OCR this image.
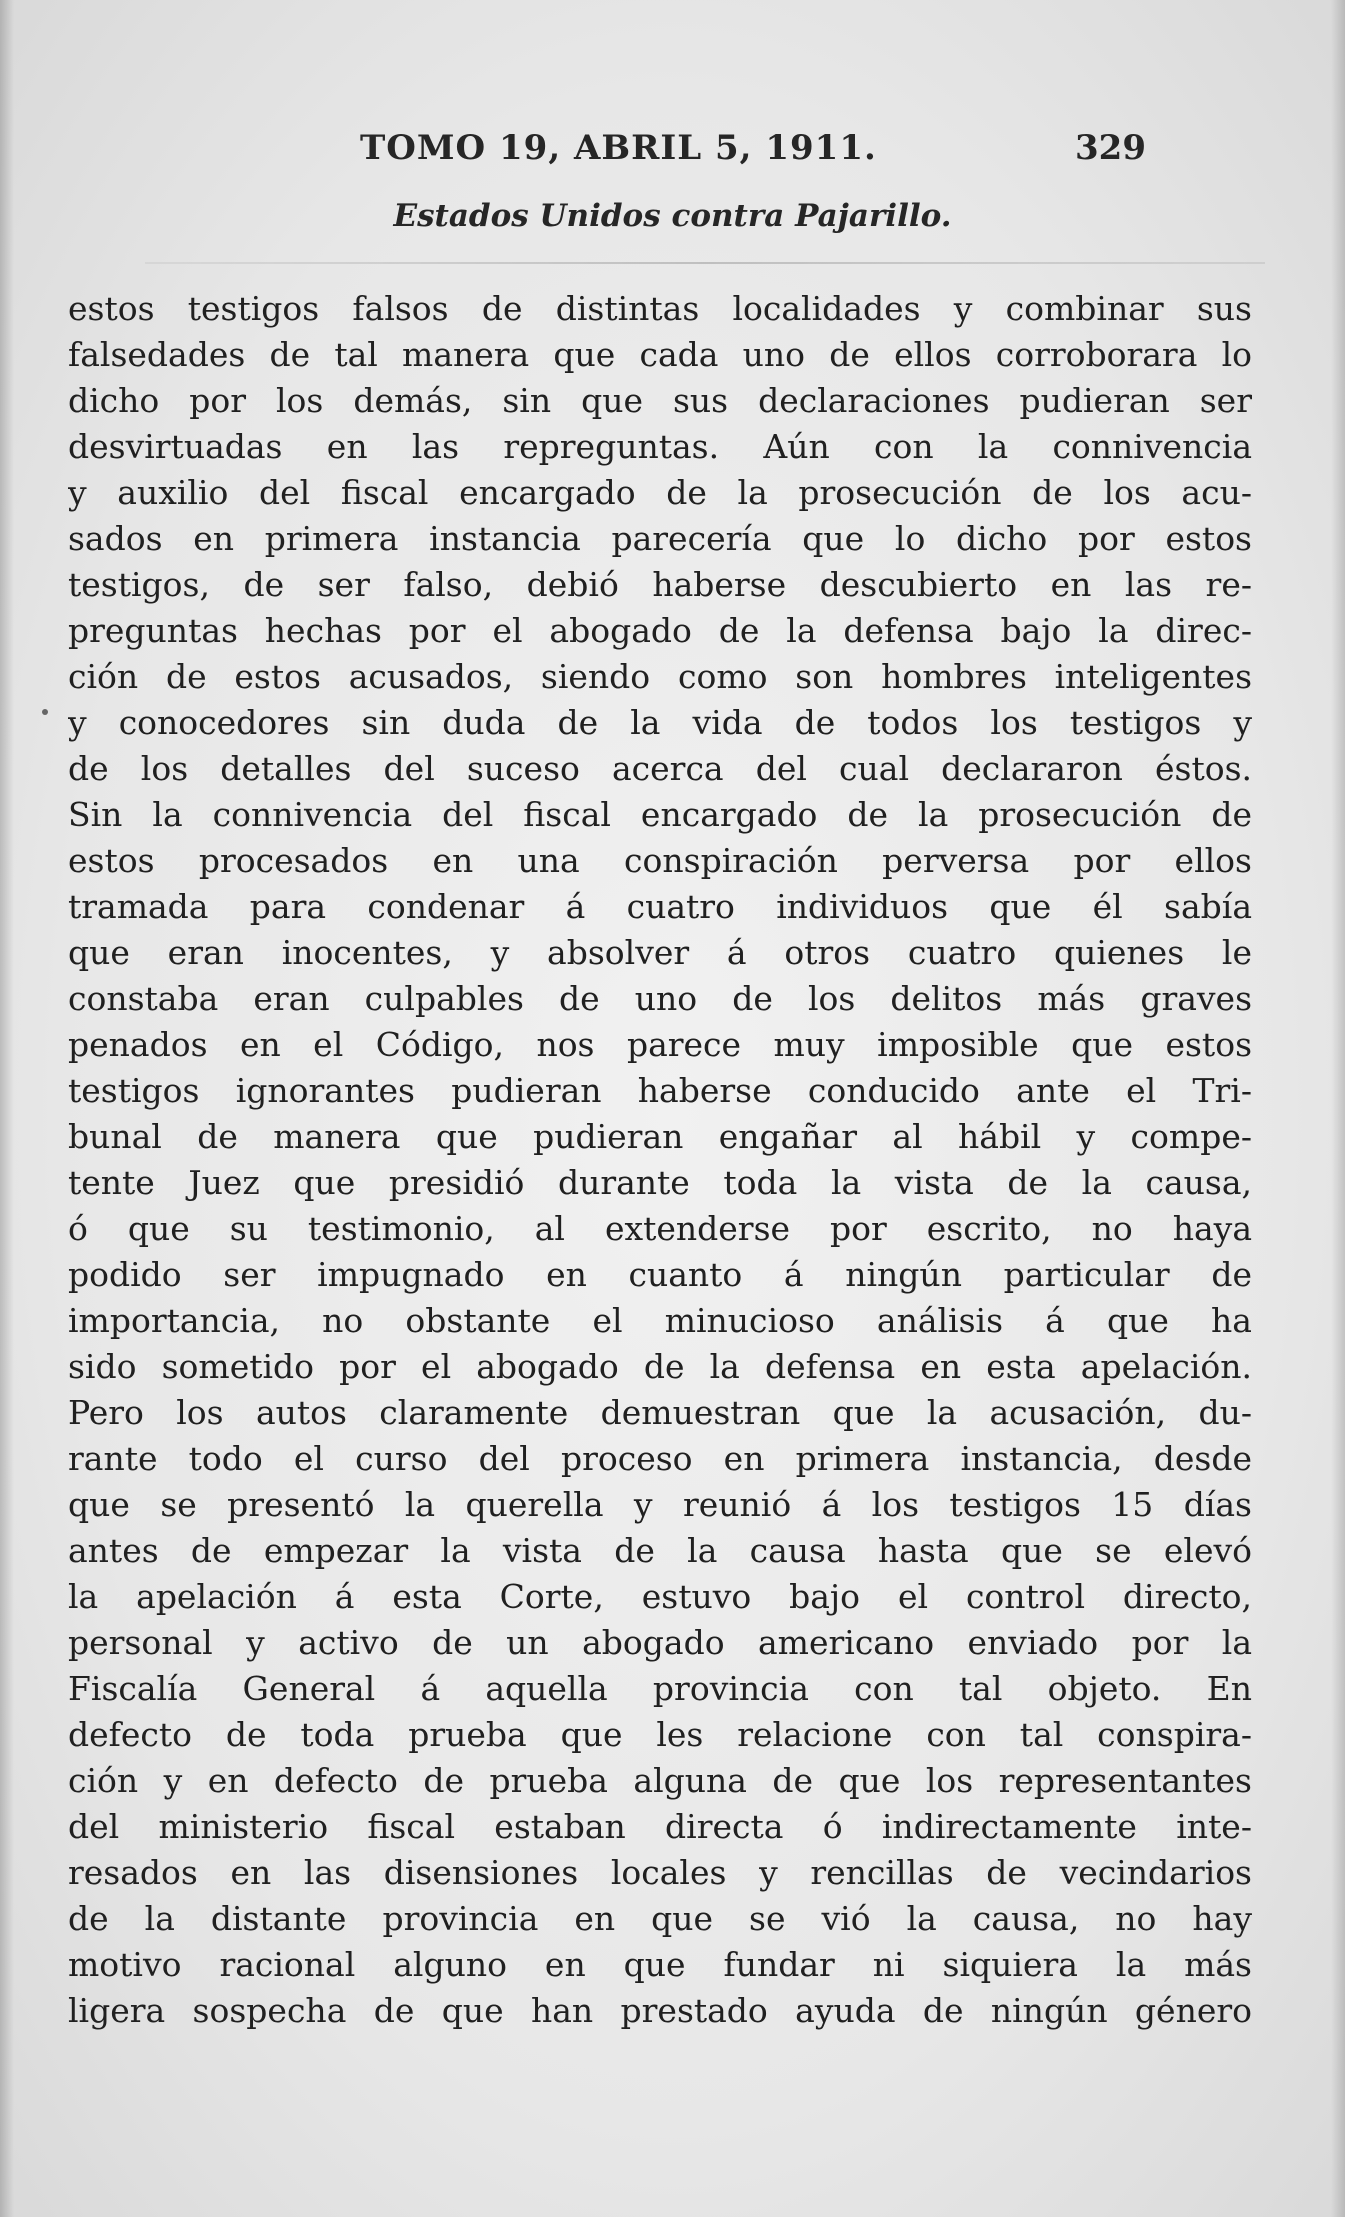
TOMO 19, ABRIL 5, 1911.	329
Estados Unidos contra Pajarillo.
estos testigos falsos de distintas localidades y combinar sus
falsedades de tal manera que cada uno de ellos corroborara lo
dicho por los demás, sin que sus declaraciones pudieran ser
desvirtuadas en las repreguntas. Aún con la connivencia
y auxilio del fiscal encargado de la prosecución de los acu-
sados en primera instancia parecería que lo dicho por estos
testigos, de ser falso, debió haberse descubierto en las re-
preguntas hechas por el abogado de la defensa bajo la direc-
ción de estos acusados, siendo como son hombres inteligentes
y conocedores sin duda de la vida de todos los testigos y
de los detalles del suceso acerca del cual declararon éstos.
Sin la connivencia del fiscal encargado de la prosecución de
estos procesados en una conspiración perversa por ellos
tramada para condenar á cuatro individuos que él sabía
que eran inocentes, y absolver á otros cuatro quienes le
constaba eran culpables de uno de los delitos más graves
penados en el Código, nos parece muy imposible que estos
testigos ignorantes pudieran haberse conducido ante el Tri-
bunal de manera que pudieran engañar al hábil y compe-
tente Juez que presidió durante toda la vista de la causa,
ó que su testimonio, al extenderse por escrito, no haya
podido ser impugnado en cuanto á ningún particular de
importancia, no obstante el minucioso análisis á que ha
sido sometido por el abogado de la defensa en esta apelación.
Pero los autos claramente demuestran que la acusación, du-
rante todo el curso del proceso en primera instancia, desde
que se presentó la querella y reunió á los testigos 15 días
antes de empezar la vista de la causa hasta que se elevó
la apelación á esta Corte, estuvo bajo el control directo,
personal y activo de un abogado americano enviado por la
Fiscalía General á aquella provincia con tal objeto. En
defecto de toda prueba que les relacione con tal conspira-
ción y en defecto de prueba alguna de que los representantes
del ministerio fiscal estaban directa ó indirectamente inte-
resados en las disensiones locales y rencillas de vecindarios
de la distante provincia en que se vió la causa, no hay
motivo racional alguno en que fundar ni siquiera la más
ligera sospecha de que han prestado ayuda de ningún género
